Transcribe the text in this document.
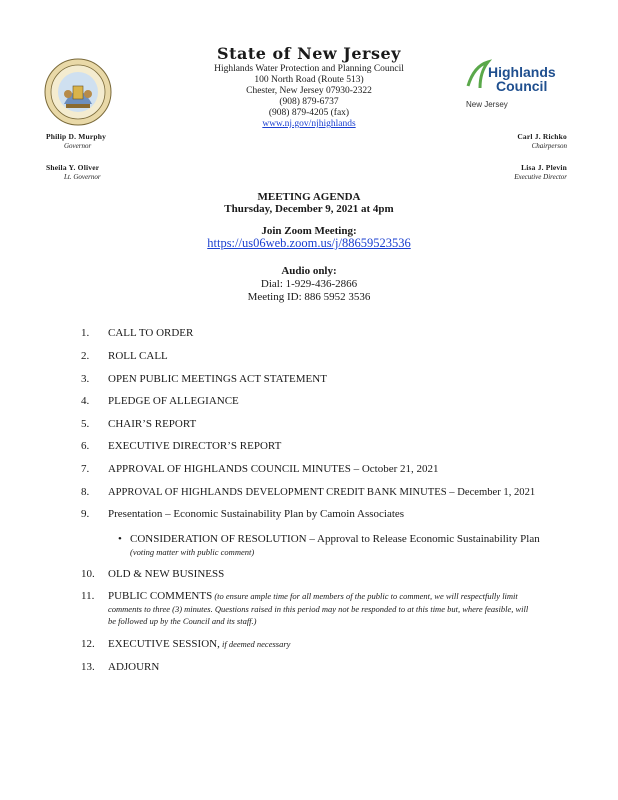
State of New Jersey
Highlands Water Protection and Planning Council
100 North Road (Route 513)
Chester, New Jersey 07930-2322
(908) 879-6737
(908) 879-4205 (fax)
www.nj.gov/njhighlands
Highlands
Council
New Jersey
Philip D. Murphy
Governor
Sheila Y. Oliver
Lt. Governor
Carl J. Richko
Chairperson
Lisa J. Plevin
Executive Director
MEETING AGENDA
Thursday, December 9, 2021 at 4pm
Join Zoom Meeting:
https://us06web.zoom.us/j/88659523536
Audio only:
Dial: 1-929-436-2866
Meeting ID: 886 5952 3536
1.	CALL TO ORDER
2.	ROLL CALL
3.	OPEN PUBLIC MEETINGS ACT STATEMENT
4.	PLEDGE OF ALLEGIANCE
5.	CHAIR’S REPORT
6.	EXECUTIVE DIRECTOR’S REPORT
7.	APPROVAL OF HIGHLANDS COUNCIL MINUTES – October 21, 2021
8.	APPROVAL OF HIGHLANDS DEVELOPMENT CREDIT BANK MINUTES – December 1, 2021
9.	Presentation – Economic Sustainability Plan by Camoin Associates
• CONSIDERATION OF RESOLUTION – Approval to Release Economic Sustainability Plan
(voting matter with public comment)
10.	OLD & NEW BUSINESS
11.	PUBLIC COMMENTS (to ensure ample time for all members of the public to comment, we will respectfully limit
comments to three (3) minutes. Questions raised in this period may not be responded to at this time but, where feasible, will
be followed up by the Council and its staff.)
12.	EXECUTIVE SESSION, if deemed necessary
13.	ADJOURN
